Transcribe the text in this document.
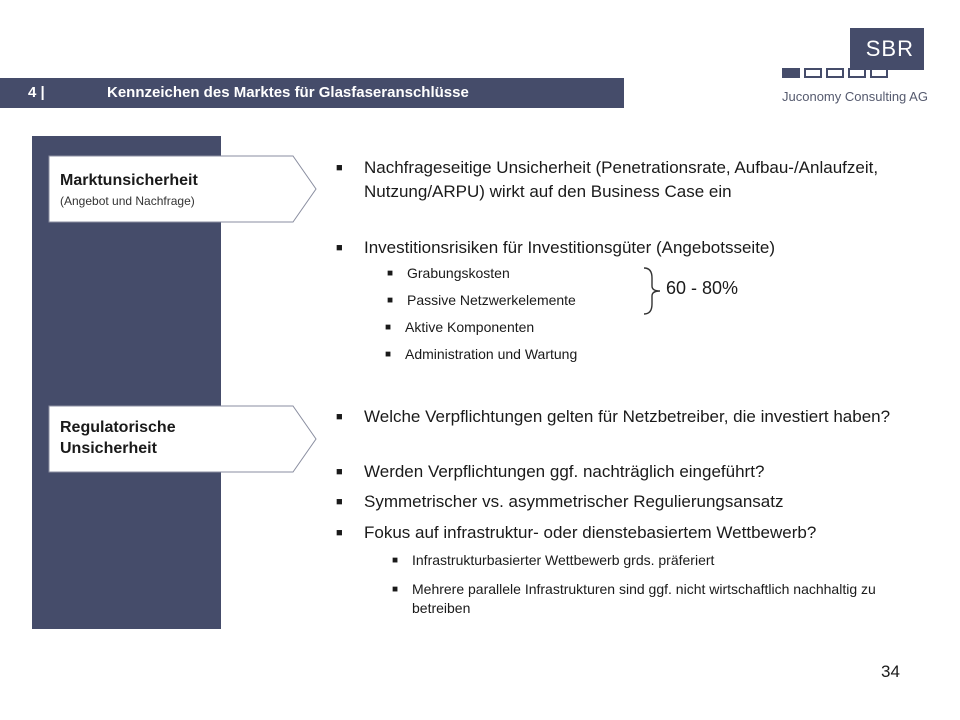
4 |	Kennzeichen des Marktes für Glasfaseranschlüsse
SBR
Juconomy Consulting AG
Marktunsicherheit
(Angebot und Nachfrage)
Regulatorische Unsicherheit
■ Nachfrageseitige Unsicherheit (Penetrationsrate, Aufbau-/Anlaufzeit, Nutzung/ARPU) wirkt auf den Business Case ein
■ Investitionsrisiken für Investitionsgüter (Angebotsseite)
■ Grabungskosten
■ Passive Netzwerkelemente
■ Aktive Komponenten
■ Administration und Wartung
60 - 80%
■ Welche Verpflichtungen gelten für Netzbetreiber, die investiert haben?
■ Werden Verpflichtungen ggf. nachträglich eingeführt?
■ Symmetrischer vs. asymmetrischer Regulierungsansatz
■ Fokus auf infrastruktur- oder dienstebasiertem Wettbewerb?
■ Infrastrukturbasierter Wettbewerb grds. präferiert
■ Mehrere parallele Infrastrukturen sind ggf. nicht wirtschaftlich nachhaltig zu betreiben
34
